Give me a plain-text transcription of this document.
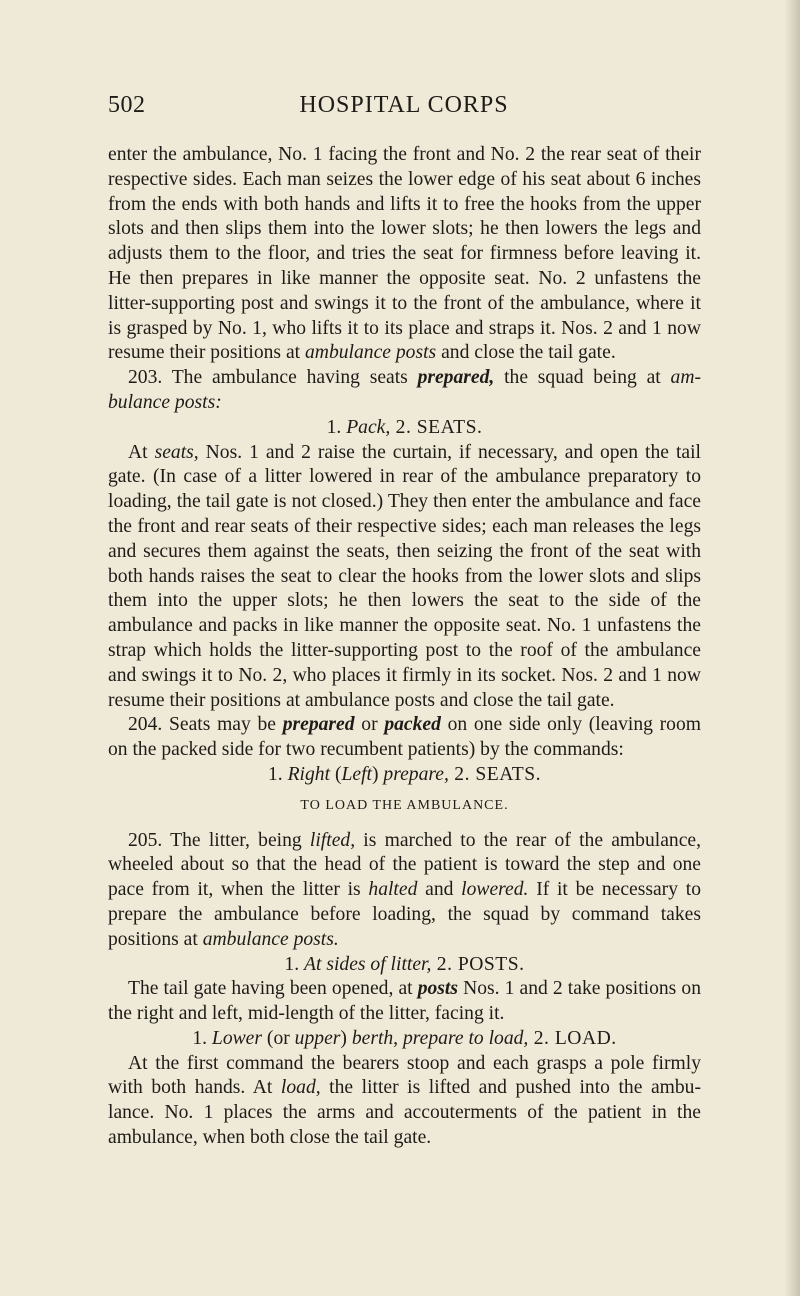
502	HOSPITAL CORPS

enter the ambulance, No. 1 facing the front and No. 2 the rear seat of their respective sides. Each man seizes the lower edge of his seat about 6 inches from the ends with both hands and lifts it to free the hooks from the upper slots and then slips them into the lower slots; he then lowers the legs and adjusts them to the floor, and tries the seat for firmness before leaving it. He then prepares in like manner the opposite seat. No. 2 unfastens the litter-supporting post and swings it to the front of the ambulance, where it is grasped by No. 1, who lifts it to its place and straps it. Nos. 2 and 1 now resume their positions at ambulance posts and close the tail gate.

203. The ambulance having seats prepared, the squad being at am- bulance posts:

1. Pack, 2. SEATS.

At seats, Nos. 1 and 2 raise the curtain, if necessary, and open the tail gate. (In case of a litter lowered in rear of the ambulance preparatory to loading, the tail gate is not closed.) They then enter the ambulance and face the front and rear seats of their respective sides; each man releases the legs and secures them against the seats, then seizing the front of the seat with both hands raises the seat to clear the hooks from the lower slots and slips them into the upper slots; he then lowers the seat to the side of the ambulance and packs in like manner the opposite seat. No. 1 unfastens the strap which holds the litter-supporting post to the roof of the ambulance and swings it to No. 2, who places it firmly in its socket. Nos. 2 and 1 now resume their positions at ambulance posts and close the tail gate.

204. Seats may be prepared or packed on one side only (leaving room on the packed side for two recumbent patients) by the commands:

1. Right (Left) prepare, 2. SEATS.

TO LOAD THE AMBULANCE.

205. The litter, being lifted, is marched to the rear of the ambulance, wheeled about so that the head of the patient is toward the step and one pace from it, when the litter is halted and lowered. If it be necessary to prepare the ambulance before loading, the squad by command takes positions at ambulance posts.

1. At sides of litter, 2. POSTS.

The tail gate having been opened, at posts Nos. 1 and 2 take positions on the right and left, mid-length of the litter, facing it.

1. Lower (or upper) berth, prepare to load, 2. LOAD.

At the first command the bearers stoop and each grasps a pole firmly with both hands. At load, the litter is lifted and pushed into the ambu- lance. No. 1 places the arms and accouterments of the patient in the ambulance, when both close the tail gate.
